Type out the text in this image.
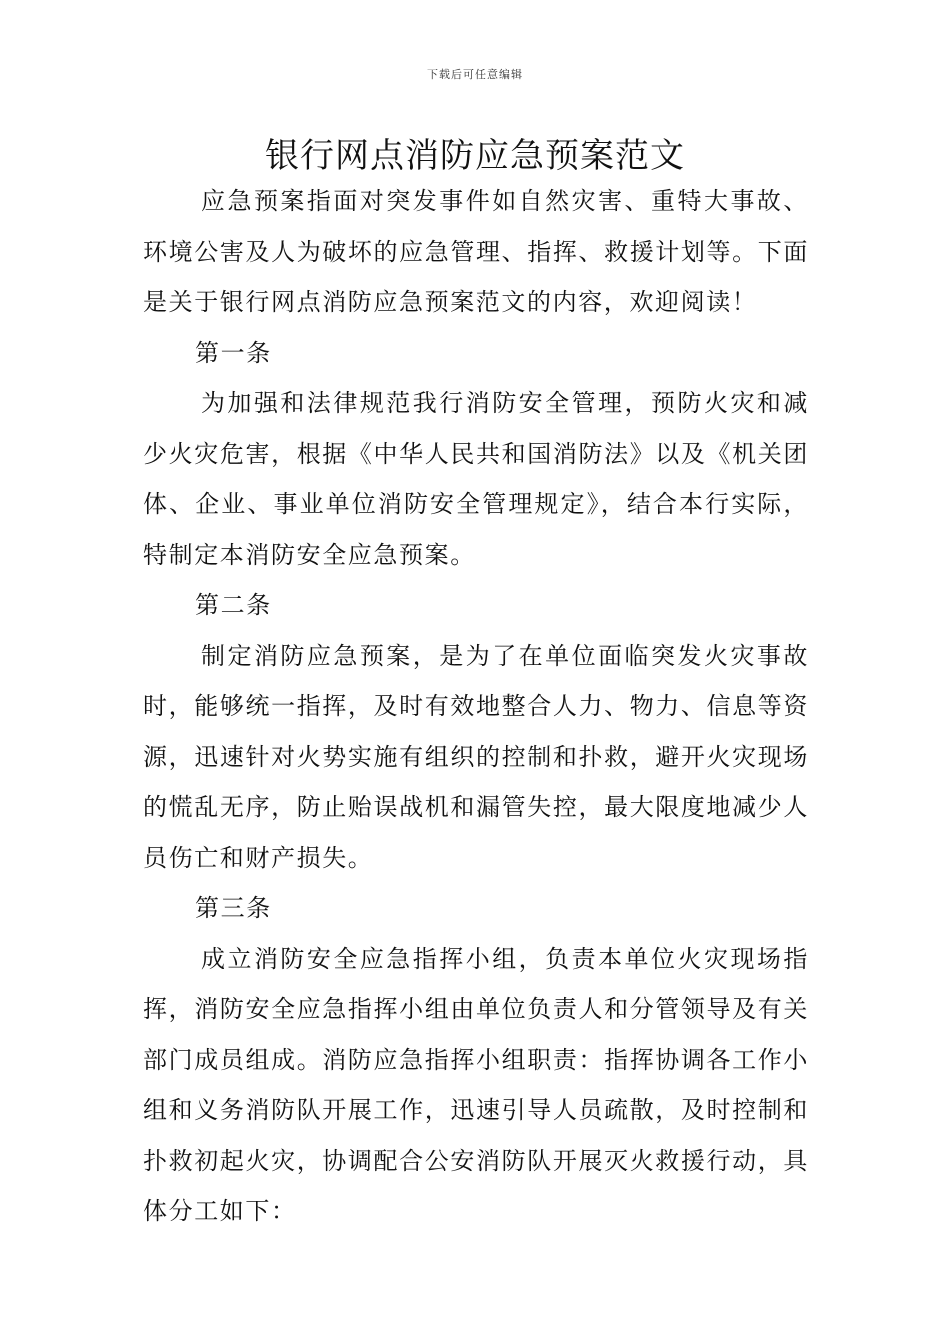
下载后可任意编辑
银行网点消防应急预案范文

应急预案指面对突发事件如自然灾害、重特大事故、环境公害及人为破坏的应急管理、指挥、救援计划等。下面是关于银行网点消防应急预案范文的内容，欢迎阅读！

第一条

为加强和法律规范我行消防安全管理，预防火灾和减少火灾危害，根据《中华人民共和国消防法》以及《机关团体、企业、事业单位消防安全管理规定》，结合本行实际，特制定本消防安全应急预案。

第二条

制定消防应急预案，是为了在单位面临突发火灾事故时，能够统一指挥，及时有效地整合人力、物力、信息等资源，迅速针对火势实施有组织的控制和扑救，避开火灾现场的慌乱无序，防止贻误战机和漏管失控，最大限度地减少人员伤亡和财产损失。

第三条

成立消防安全应急指挥小组，负责本单位火灾现场指挥，消防安全应急指挥小组由单位负责人和分管领导及有关部门成员组成。消防应急指挥小组职责：指挥协调各工作小组和义务消防队开展工作，迅速引导人员疏散，及时控制和扑救初起火灾，协调配合公安消防队开展灭火救援行动，具体分工如下：
